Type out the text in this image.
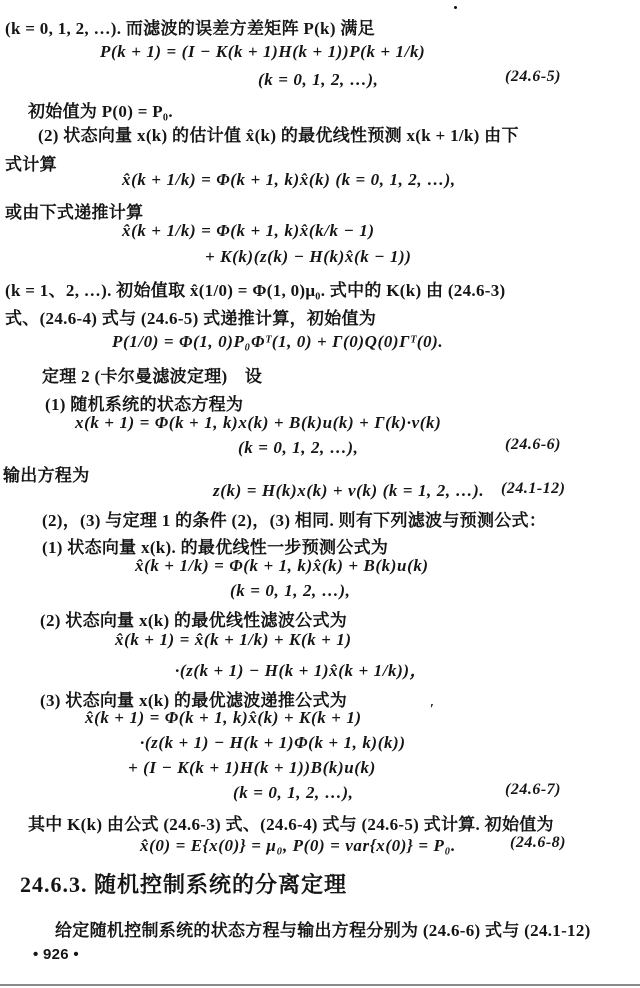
(k = 0, 1, 2, …). 而滤波的误差方差矩阵 P(k) 满足
P(k + 1) = (I − K(k + 1)H(k + 1))P(k + 1/k)
(k = 0, 1, 2, …),
初始值为 P(0) = P₀.
(2) 状态向量 x(k) 的估计值 x̂(k) 的最优线性预测 x(k + 1/k) 由下
式计算
x̂(k + 1/k) = Φ(k + 1, k)x̂(k) (k = 0, 1, 2, …),
或由下式递推计算
x̂(k + 1/k) = Φ(k + 1, k)x̂(k/k − 1)
+ K(k)(z(k) − H(k)x̂(k − 1))
(k = 1、2, …). 初始值取 x̂(1/0) = Φ(1, 0)μ₀. 式中的 K(k) 由 (24.6-3)
式、(24.6-4) 式与 (24.6-5) 式递推计算，初始值为
P(1/0) = Φ(1, 0)P₀Φᵀ(1, 0) + Γ(0)Q(0)Γᵀ(0).
定理 2 (卡尔曼滤波定理)　设
(1) 随机系统的状态方程为
x(k + 1) = Φ(k + 1, k)x(k) + B(k)u(k) + Γ(k)·v(k)
(k = 0, 1, 2, …),
输出方程为
z(k) = H(k)x(k) + v(k) (k = 1, 2, …).
(2)，(3) 与定理 1 的条件 (2)，(3) 相同. 则有下列滤波与预测公式：
(1) 状态向量 x(k). 的最优线性一步预测公式为
x̂(k + 1/k) = Φ(k + 1, k)x̂(k) + B(k)u(k)
(k = 0, 1, 2, …),
(2) 状态向量 x(k) 的最优线性滤波公式为
x̂(k + 1) = x̂(k + 1/k) + K(k + 1)
·(z(k + 1) − H(k + 1)x̂(k + 1/k))，
(3) 状态向量 x(k) 的最优滤波递推公式为
x̂(k + 1) = Φ(k + 1, k)x̂(k) + K(k + 1)
·(z(k + 1) − H(k + 1)Φ(k + 1, k)(k))
+ (I − K(k + 1)H(k + 1))B(k)u(k)
(k = 0, 1, 2, …),
其中 K(k) 由公式 (24.6-3) 式、(24.6-4) 式与 (24.6-5) 式计算. 初始值为
x̂(0) = E{x(0)} = μ₀, P(0) = var{x(0)} = P₀.
24.6.3. 随机控制系统的分离定理
给定随机控制系统的状态方程与输出方程分别为 (24.6-6) 式与 (24.1-12)
• 926 •
(24.6-5)
(24.6-6)
(24.1-12)
(24.6-7)
(24.6-8)
′
